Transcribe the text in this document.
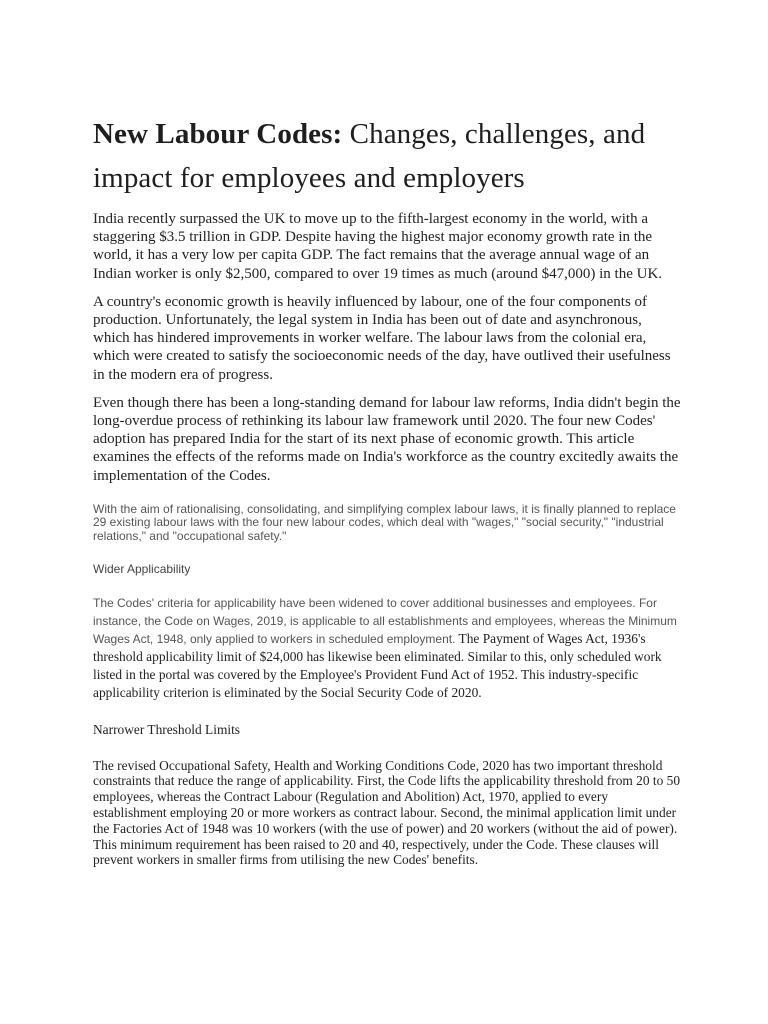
New Labour Codes: Changes, challenges, and impact for employees and employers

India recently surpassed the UK to move up to the fifth-largest economy in the world, with a staggering $3.5 trillion in GDP. Despite having the highest major economy growth rate in the world, it has a very low per capita GDP. The fact remains that the average annual wage of an Indian worker is only $2,500, compared to over 19 times as much (around $47,000) in the UK.

A country's economic growth is heavily influenced by labour, one of the four components of production. Unfortunately, the legal system in India has been out of date and asynchronous, which has hindered improvements in worker welfare. The labour laws from the colonial era, which were created to satisfy the socioeconomic needs of the day, have outlived their usefulness in the modern era of progress.

Even though there has been a long-standing demand for labour law reforms, India didn't begin the long-overdue process of rethinking its labour law framework until 2020. The four new Codes' adoption has prepared India for the start of its next phase of economic growth. This article examines the effects of the reforms made on India's workforce as the country excitedly awaits the implementation of the Codes.

With the aim of rationalising, consolidating, and simplifying complex labour laws, it is finally planned to replace 29 existing labour laws with the four new labour codes, which deal with "wages," "social security," "industrial relations," and "occupational safety."

Wider Applicability

The Codes' criteria for applicability have been widened to cover additional businesses and employees. For instance, the Code on Wages, 2019, is applicable to all establishments and employees, whereas the Minimum Wages Act, 1948, only applied to workers in scheduled employment. The Payment of Wages Act, 1936's threshold applicability limit of $24,000 has likewise been eliminated. Similar to this, only scheduled work listed in the portal was covered by the Employee's Provident Fund Act of 1952. This industry-specific applicability criterion is eliminated by the Social Security Code of 2020.

Narrower Threshold Limits

The revised Occupational Safety, Health and Working Conditions Code, 2020 has two important threshold constraints that reduce the range of applicability. First, the Code lifts the applicability threshold from 20 to 50 employees, whereas the Contract Labour (Regulation and Abolition) Act, 1970, applied to every establishment employing 20 or more workers as contract labour. Second, the minimal application limit under the Factories Act of 1948 was 10 workers (with the use of power) and 20 workers (without the aid of power). This minimum requirement has been raised to 20 and 40, respectively, under the Code. These clauses will prevent workers in smaller firms from utilising the new Codes' benefits.
